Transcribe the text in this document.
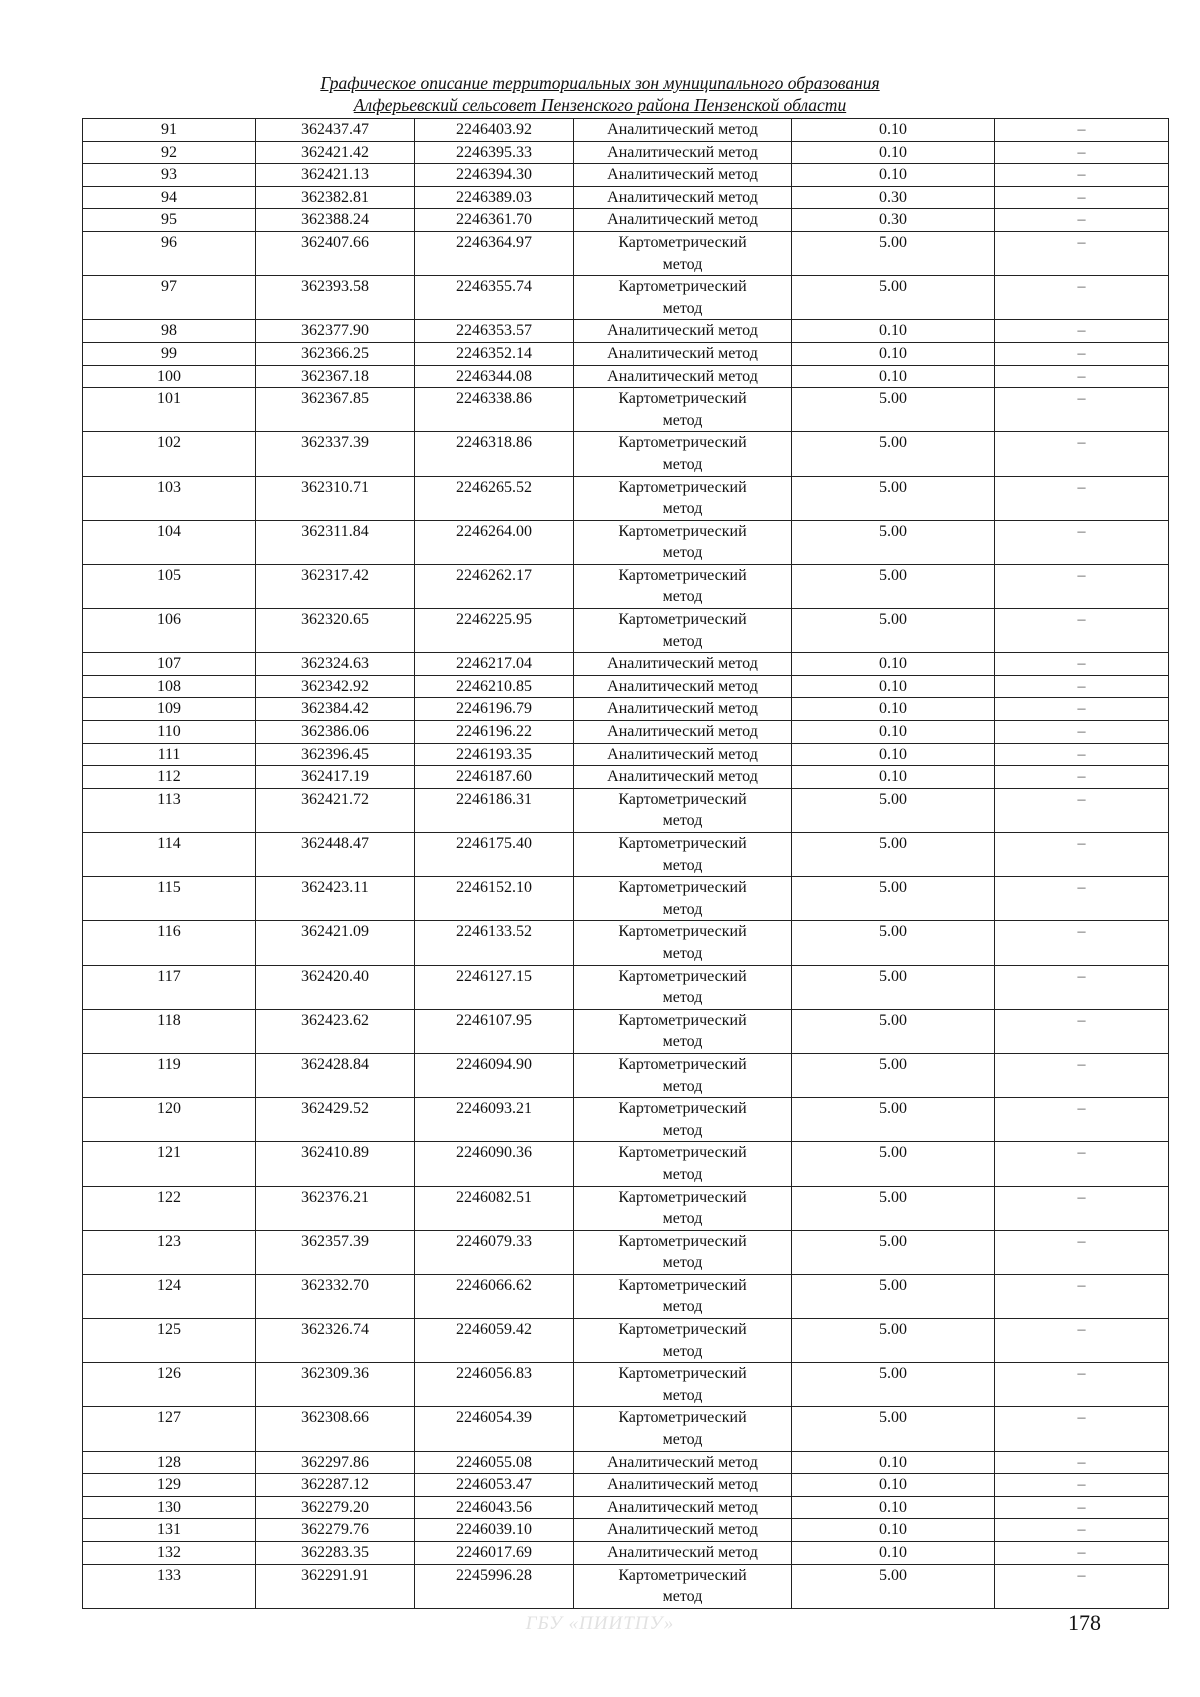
Графическое описание территориальных зон муниципального образования
Алферьевский сельсовет Пензенского района Пензенской области
91	362437.47	2246403.92	Аналитический метод	0.10	–
92	362421.42	2246395.33	Аналитический метод	0.10	–
93	362421.13	2246394.30	Аналитический метод	0.10	–
94	362382.81	2246389.03	Аналитический метод	0.30	–
95	362388.24	2246361.70	Аналитический метод	0.30	–
96	362407.66	2246364.97	Картометрический метод	5.00	–
97	362393.58	2246355.74	Картометрический метод	5.00	–
98	362377.90	2246353.57	Аналитический метод	0.10	–
99	362366.25	2246352.14	Аналитический метод	0.10	–
100	362367.18	2246344.08	Аналитический метод	0.10	–
101	362367.85	2246338.86	Картометрический метод	5.00	–
102	362337.39	2246318.86	Картометрический метод	5.00	–
103	362310.71	2246265.52	Картометрический метод	5.00	–
104	362311.84	2246264.00	Картометрический метод	5.00	–
105	362317.42	2246262.17	Картометрический метод	5.00	–
106	362320.65	2246225.95	Картометрический метод	5.00	–
107	362324.63	2246217.04	Аналитический метод	0.10	–
108	362342.92	2246210.85	Аналитический метод	0.10	–
109	362384.42	2246196.79	Аналитический метод	0.10	–
110	362386.06	2246196.22	Аналитический метод	0.10	–
111	362396.45	2246193.35	Аналитический метод	0.10	–
112	362417.19	2246187.60	Аналитический метод	0.10	–
113	362421.72	2246186.31	Картометрический метод	5.00	–
114	362448.47	2246175.40	Картометрический метод	5.00	–
115	362423.11	2246152.10	Картометрический метод	5.00	–
116	362421.09	2246133.52	Картометрический метод	5.00	–
117	362420.40	2246127.15	Картометрический метод	5.00	–
118	362423.62	2246107.95	Картометрический метод	5.00	–
119	362428.84	2246094.90	Картометрический метод	5.00	–
120	362429.52	2246093.21	Картометрический метод	5.00	–
121	362410.89	2246090.36	Картометрический метод	5.00	–
122	362376.21	2246082.51	Картометрический метод	5.00	–
123	362357.39	2246079.33	Картометрический метод	5.00	–
124	362332.70	2246066.62	Картометрический метод	5.00	–
125	362326.74	2246059.42	Картометрический метод	5.00	–
126	362309.36	2246056.83	Картометрический метод	5.00	–
127	362308.66	2246054.39	Картометрический метод	5.00	–
128	362297.86	2246055.08	Аналитический метод	0.10	–
129	362287.12	2246053.47	Аналитический метод	0.10	–
130	362279.20	2246043.56	Аналитический метод	0.10	–
131	362279.76	2246039.10	Аналитический метод	0.10	–
132	362283.35	2246017.69	Аналитический метод	0.10	–
133	362291.91	2245996.28	Картометрический метод	5.00	–
ГБУ «ПИИТПУ»	178
